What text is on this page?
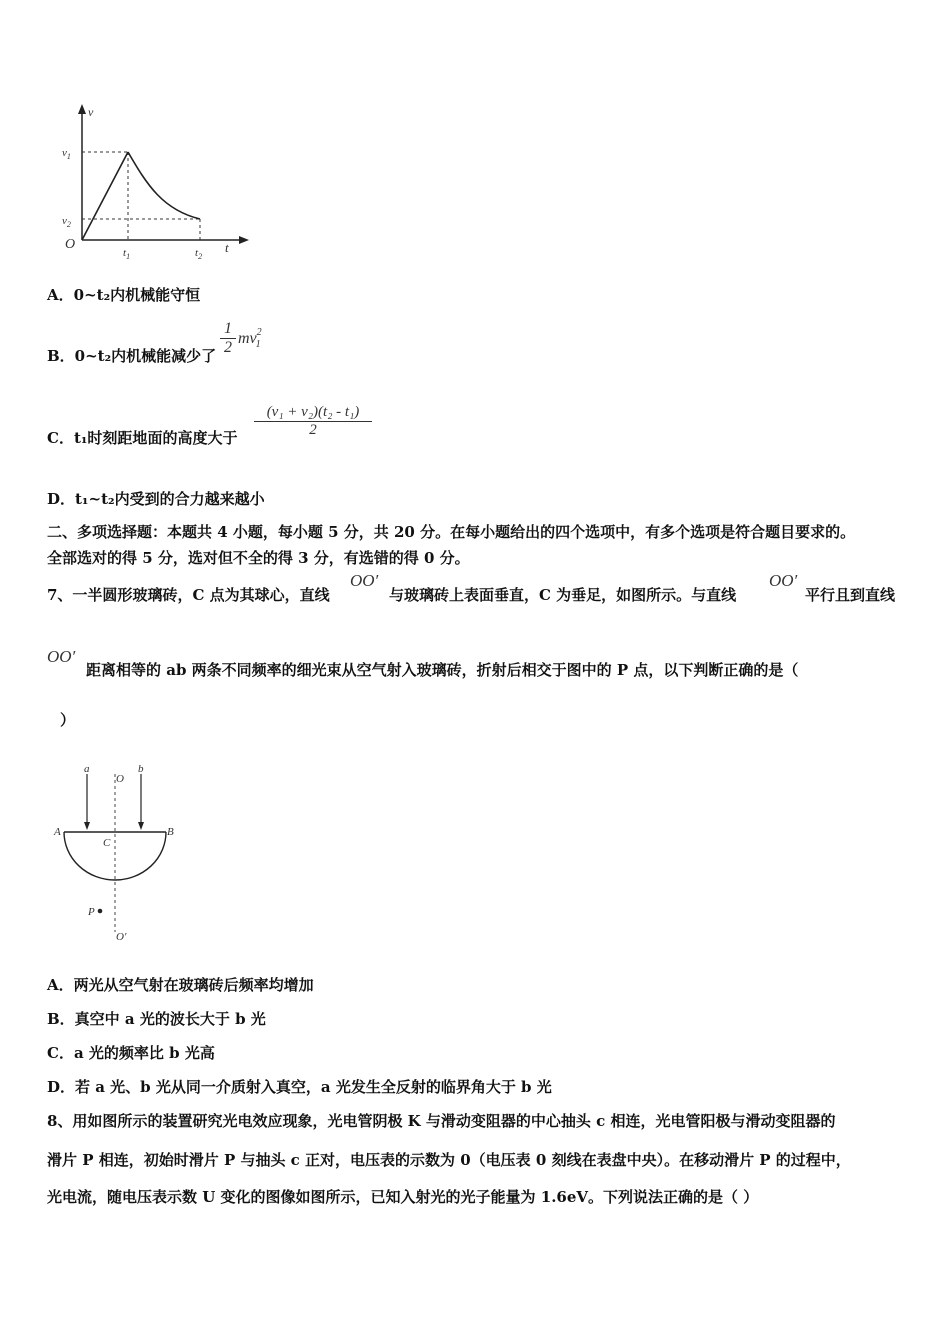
v
t
O
$v_1$
$v_2$
$t_1$	$t_2$
A．0~t₂内机械能守恒
B．0~t₂内机械能减少了
1
2
$mv^2_1$
C．t₁时刻距地面的高度大于
(v₁ + v₂)(t₂ - t₁)
2
D．t₁~t₂内受到的合力越来越小
二、多项选择题：本题共 4 小题，每小题 5 分，共 20 分。在每小题给出的四个选项中，有多个选项是符合题目要求的。
全部选对的得 5 分，选对但不全的得 3 分，有选错的得 0 分。
7、一半圆形玻璃砖，C 点为其球心，直线
OO′
与玻璃砖上表面垂直，C 为垂足，如图所示。与直线
OO′
平行且到直线
OO′
距离相等的 ab 两条不同频率的细光束从空气射入玻璃砖，折射后相交于图中的 P 点，以下判断正确的是（
）
a
O
b
A	B
C
P
O′
A．两光从空气射在玻璃砖后频率均增加
B．真空中 a 光的波长大于 b 光
C．a 光的频率比 b 光高
D．若 a 光、b 光从同一介质射入真空，a 光发生全反射的临界角大于 b 光
8、用如图所示的装置研究光电效应现象，光电管阴极 K 与滑动变阻器的中心抽头 c 相连，光电管阳极与滑动变阻器的
滑片 P 相连，初始时滑片 P 与抽头 c 正对，电压表的示数为 0（电压表 0 刻线在表盘中央）。在移动滑片 P 的过程中，
光电流，随电压表示数 U 变化的图像如图所示，已知入射光的光子能量为 1.6eV。下列说法正确的是（ ）
